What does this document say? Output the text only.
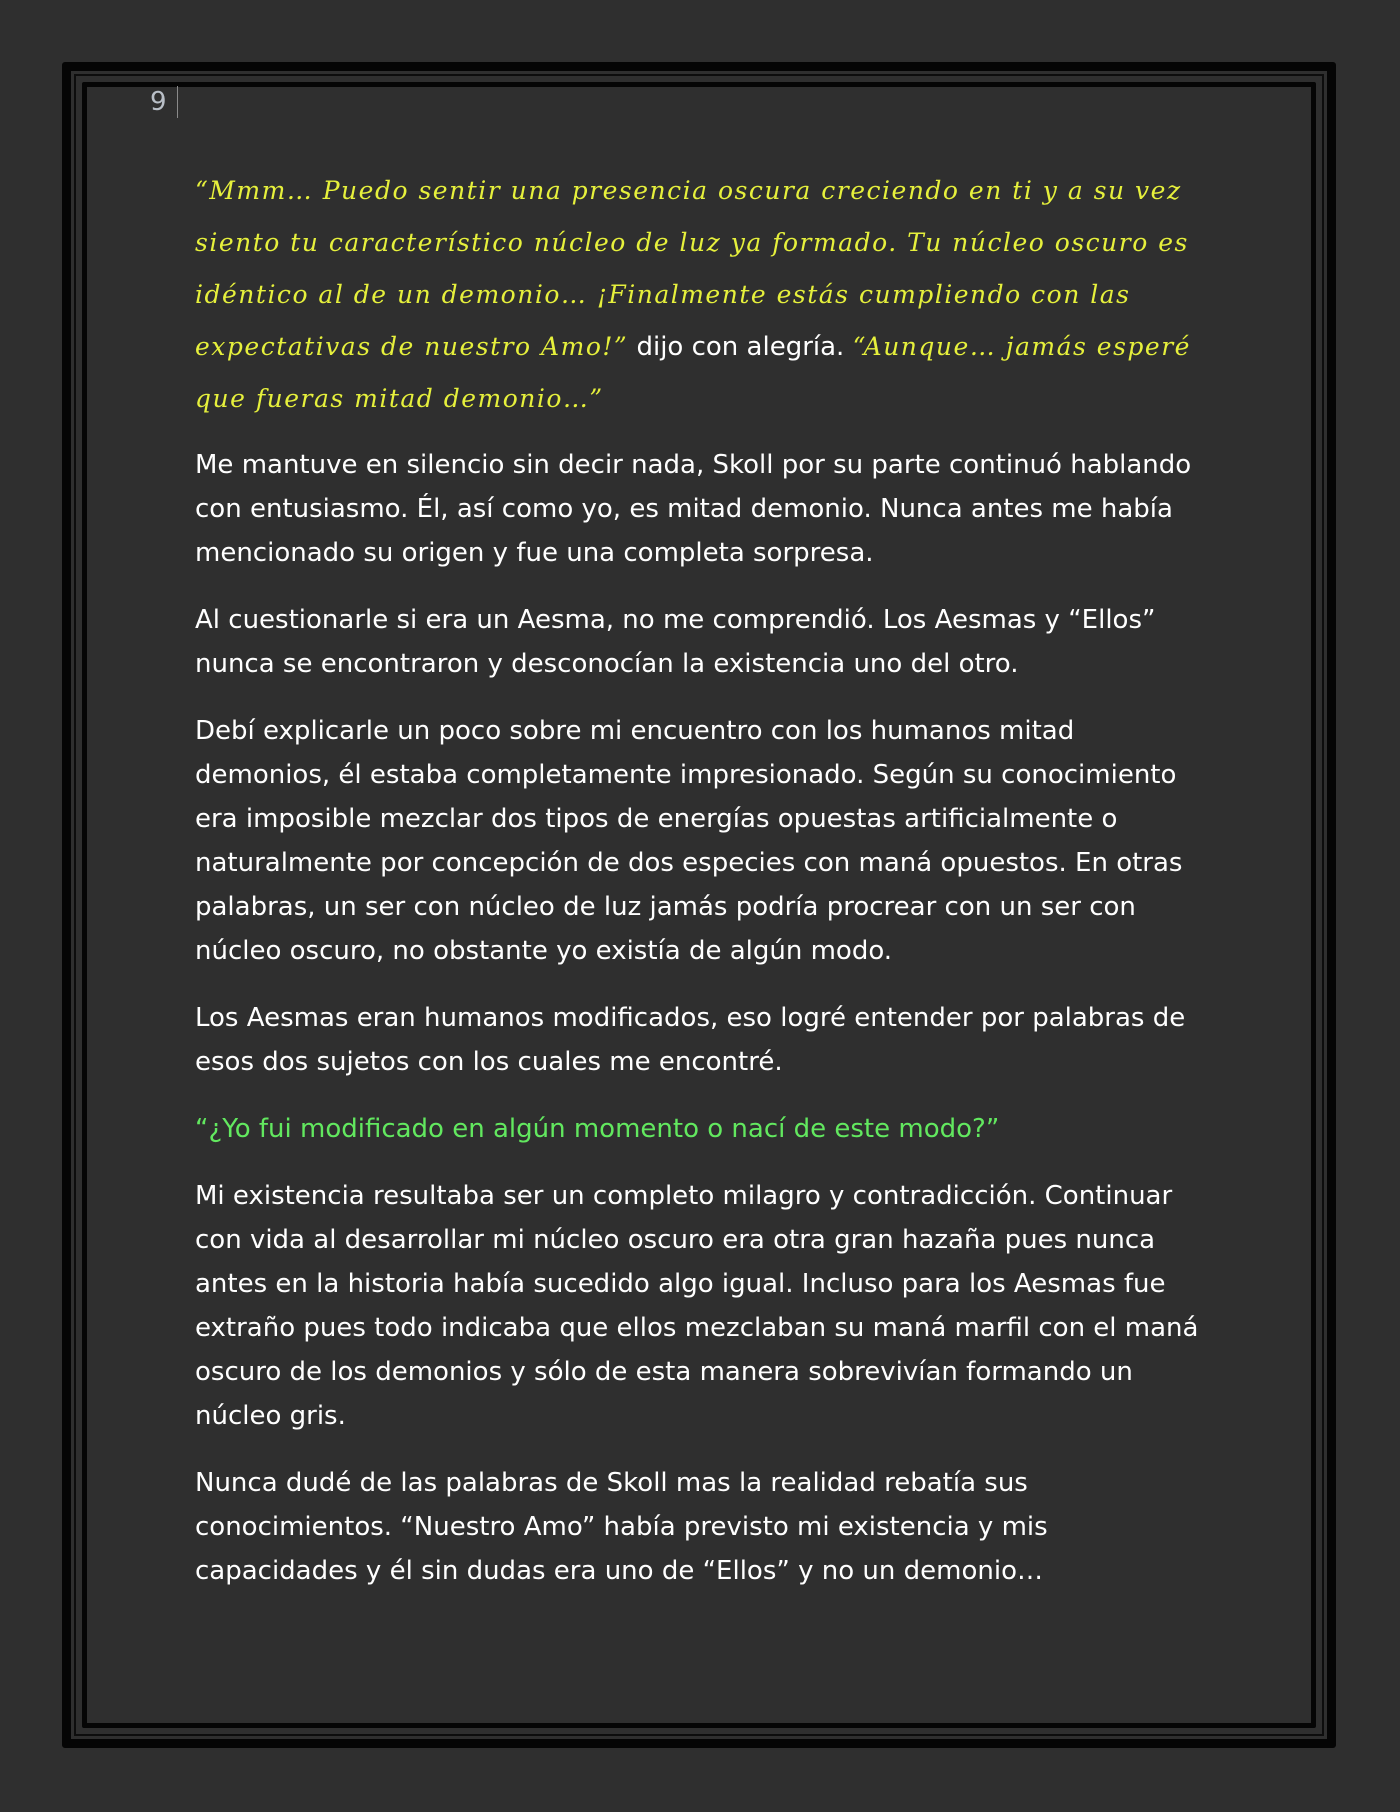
9

“Mmm… Puedo sentir una presencia oscura creciendo en ti y a su vez siento tu característico núcleo de luz ya formado. Tu núcleo oscuro es idéntico al de un demonio… ¡Finalmente estás cumpliendo con las expectativas de nuestro Amo!” dijo con alegría. “Aunque… jamás esperé que fueras mitad demonio…”

Me mantuve en silencio sin decir nada, Skoll por su parte continuó hablando con entusiasmo. Él, así como yo, es mitad demonio. Nunca antes me había mencionado su origen y fue una completa sorpresa.

Al cuestionarle si era un Aesma, no me comprendió. Los Aesmas y “Ellos” nunca se encontraron y desconocían la existencia uno del otro.

Debí explicarle un poco sobre mi encuentro con los humanos mitad demonios, él estaba completamente impresionado. Según su conocimiento era imposible mezclar dos tipos de energías opuestas artificialmente o naturalmente por concepción de dos especies con maná opuestos. En otras palabras, un ser con núcleo de luz jamás podría procrear con un ser con núcleo oscuro, no obstante yo existía de algún modo.

Los Aesmas eran humanos modificados, eso logré entender por palabras de esos dos sujetos con los cuales me encontré.

“¿Yo fui modificado en algún momento o nací de este modo?”

Mi existencia resultaba ser un completo milagro y contradicción. Continuar con vida al desarrollar mi núcleo oscuro era otra gran hazaña pues nunca antes en la historia había sucedido algo igual. Incluso para los Aesmas fue extraño pues todo indicaba que ellos mezclaban su maná marfil con el maná oscuro de los demonios y sólo de esta manera sobrevivían formando un núcleo gris.

Nunca dudé de las palabras de Skoll mas la realidad rebatía sus conocimientos. “Nuestro Amo” había previsto mi existencia y mis capacidades y él sin dudas era uno de “Ellos” y no un demonio…
